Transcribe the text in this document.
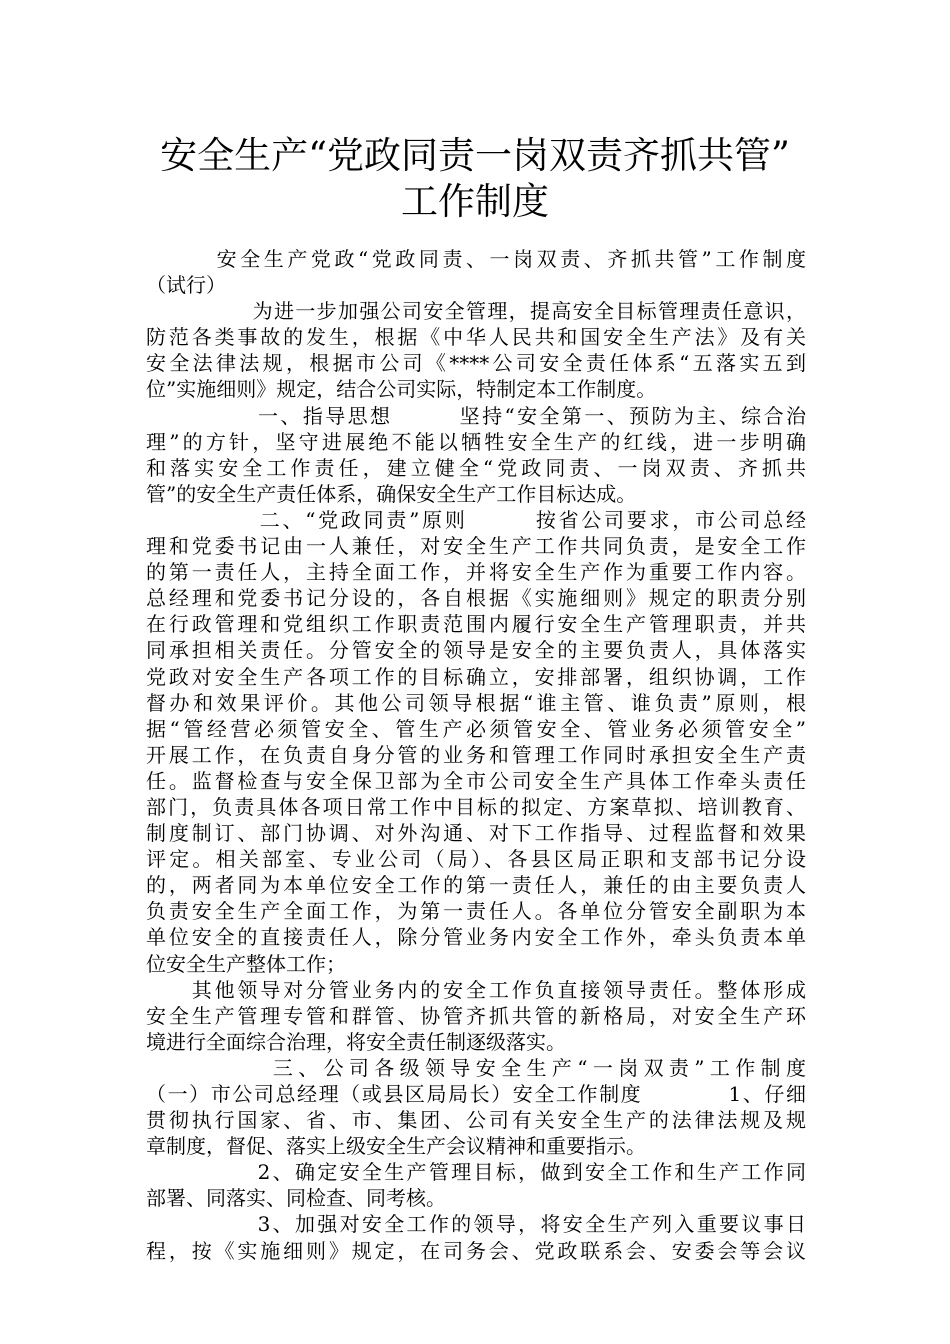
安全生产“党政同责一岗双责齐抓共管”
工作制度
　　　安全生产党政“党政同责、一岗双责、齐抓共管”工作制度
（试行）
　　　　　为进一步加强公司安全管理，提高安全目标管理责任意识，
防范各类事故的发生，根据《中华人民共和国安全生产法》及有关
安全法律法规，根据市公司《****公司安全责任体系“五落实五到
位”实施细则》规定，结合公司实际，特制定本工作制度。
　　　　　一、指导思想　　　坚持“安全第一、预防为主、综合治
理”的方针，坚守进展绝不能以牺牲安全生产的红线，进一步明确
和落实安全工作责任，建立健全“党政同责、一岗双责、齐抓共
管”的安全生产责任体系，确保安全生产工作目标达成。
　　　　　二、“党政同责”原则　　　按省公司要求，市公司总经
理和党委书记由一人兼任，对安全生产工作共同负责，是安全工作
的第一责任人，主持全面工作，并将安全生产作为重要工作内容。
总经理和党委书记分设的，各自根据《实施细则》规定的职责分别
在行政管理和党组织工作职责范围内履行安全生产管理职责，并共
同承担相关责任。分管安全的领导是安全的主要负责人，具体落实
党政对安全生产各项工作的目标确立，安排部署，组织协调，工作
督办和效果评价。其他公司领导根据“谁主管、谁负责”原则，根
据“管经营必须管安全、管生产必须管安全、管业务必须管安全”
开展工作，在负责自身分管的业务和管理工作同时承担安全生产责
任。监督检查与安全保卫部为全市公司安全生产具体工作牵头责任
部门，负责具体各项日常工作中目标的拟定、方案草拟、培训教育、
制度制订、部门协调、对外沟通、对下工作指导、过程监督和效果
评定。相关部室、专业公司（局）、各县区局正职和支部书记分设
的，两者同为本单位安全工作的第一责任人，兼任的由主要负责人
负责安全生产全面工作，为第一责任人。各单位分管安全副职为本
单位安全的直接责任人，除分管业务内安全工作外，牵头负责本单
位安全生产整体工作；
　　其他领导对分管业务内的安全工作负直接领导责任。整体形成
安全生产管理专管和群管、协管齐抓共管的新格局，对安全生产环
境进行全面综合治理，将安全责任制逐级落实。
　　　　　三、公司各级领导安全生产“一岗双责”工作制度
（一）市公司总经理（或县区局局长）安全工作制度　　　　1、仔细
贯彻执行国家、省、市、集团、公司有关安全生产的法律法规及规
章制度，督促、落实上级安全生产会议精神和重要指示。
　　　　　2、确定安全生产管理目标，做到安全工作和生产工作同
部署、同落实、同检查、同考核。
　　　　　3、加强对安全工作的领导，将安全生产列入重要议事日
程，按《实施细则》规定，在司务会、党政联系会、安委会等会议
